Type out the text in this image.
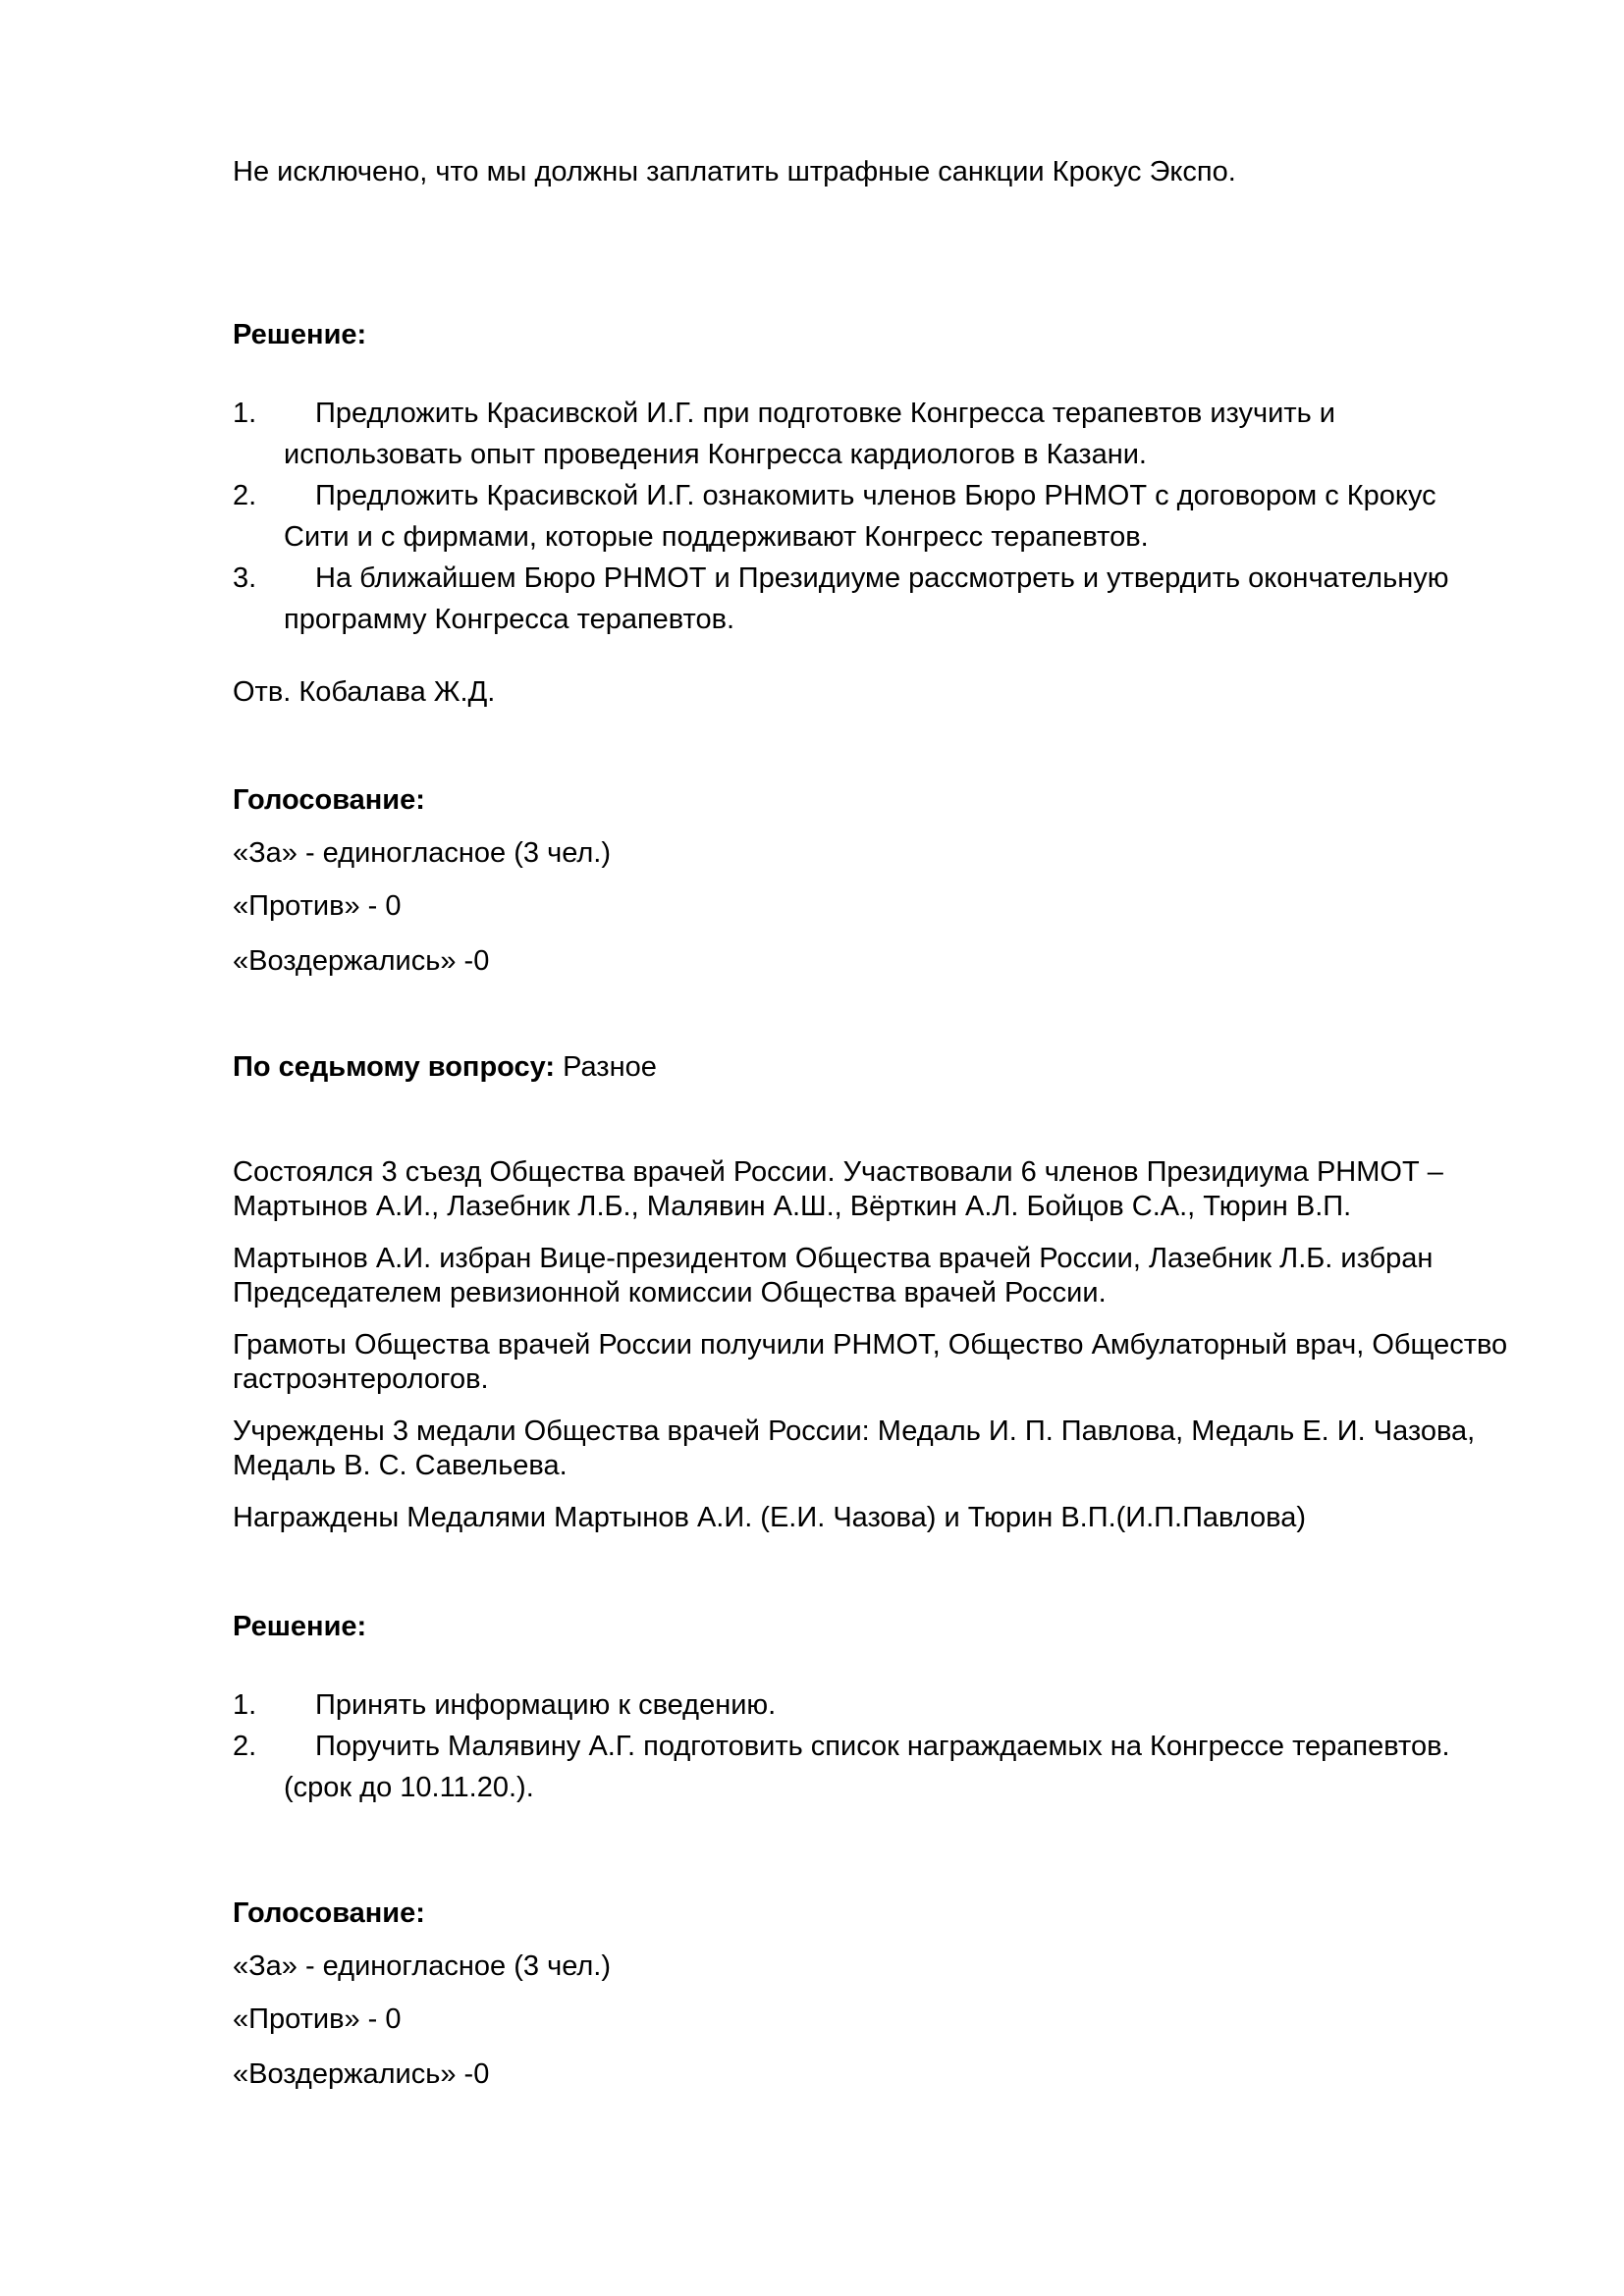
Не исключено, что мы должны заплатить штрафные санкции Крокус Экспо.
Решение:
1. Предложить Красивской И.Г. при подготовке Конгресса терапевтов изучить и
использовать опыт проведения Конгресса кардиологов в Казани.
2. Предложить Красивской И.Г. ознакомить членов Бюро РНМОТ с договором с Крокус
Сити и с фирмами, которые поддерживают Конгресс терапевтов.
3. На ближайшем Бюро РНМОТ и Президиуме рассмотреть и утвердить окончательную
программу Конгресса терапевтов.
Отв. Кобалава Ж.Д.
Голосование:
«За» - единогласное (3 чел.)
«Против» - 0
«Воздержались» -0
По седьмому вопросу: Разное
Состоялся 3 съезд Общества врачей России. Участвовали 6 членов Президиума РНМОТ – Мартынов А.И., Лазебник Л.Б., Малявин А.Ш., Вёрткин А.Л. Бойцов С.А., Тюрин В.П.
Мартынов А.И. избран Вице-президентом Общества врачей России, Лазебник Л.Б. избран Председателем ревизионной комиссии Общества врачей России.
Грамоты Общества врачей России получили РНМОТ, Общество Амбулаторный врач, Общество гастроэнтерологов.
Учреждены 3 медали Общества врачей России: Медаль И. П. Павлова, Медаль Е. И. Чазова, Медаль В. С. Савельева.
Награждены Медалями Мартынов А.И. (Е.И. Чазова) и Тюрин В.П.(И.П.Павлова)
Решение:
1. Принять информацию к сведению.
2. Поручить Малявину А.Г. подготовить список награждаемых на Конгрессе терапевтов.
(срок до 10.11.20.).
Голосование:
«За» - единогласное (3 чел.)
«Против» - 0
«Воздержались» -0
